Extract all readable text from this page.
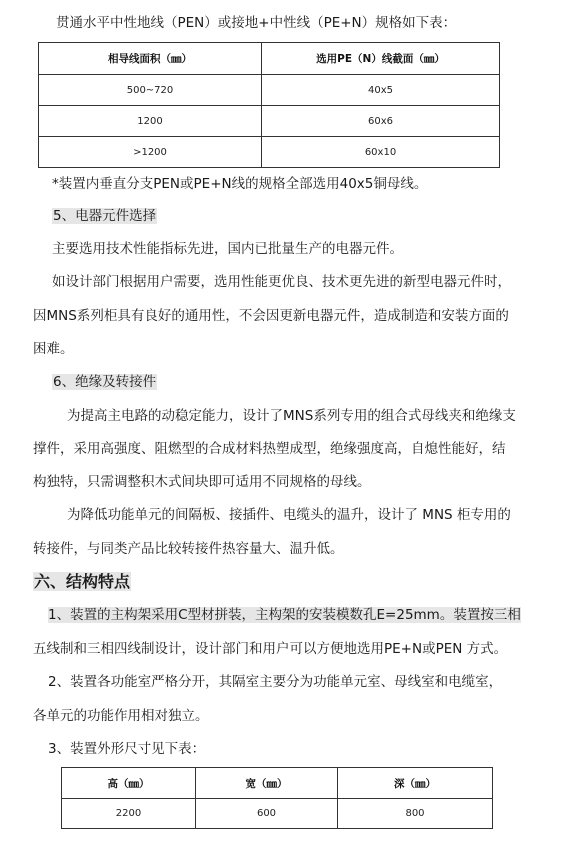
贯通水平中性地线（PEN）或接地+中性线（PE+N）规格如下表：
相导线面积（㎜）	选用PE（N）线截面（㎜）
500~720	40x5
1200	60x6
>1200	60x10
*装置内垂直分支PEN或PE+N线的规格全部选用40x5铜母线。
5、电器元件选择
主要选用技术性能指标先进，国内已批量生产的电器元件。
如设计部门根据用户需要，选用性能更优良、技术更先进的新型电器元件时，
因MNS系列柜具有良好的通用性，不会因更新电器元件，造成制造和安装方面的
困难。
6、绝缘及转接件
为提高主电路的动稳定能力，设计了MNS系列专用的组合式母线夹和绝缘支
撑件，采用高强度、阻燃型的合成材料热塑成型，绝缘强度高，自熄性能好，结
构独特，只需调整积木式间块即可适用不同规格的母线。
为降低功能单元的间隔板、接插件、电缆头的温升，设计了 MNS 柜专用的
转接件，与同类产品比较转接件热容量大、温升低。
六、结构特点
1、装置的主构架采用C型材拼装，主构架的安装模数孔E=25mm。装置按三相
五线制和三相四线制设计，设计部门和用户可以方便地选用PE+N或PEN 方式。
2、装置各功能室严格分开，其隔室主要分为功能单元室、母线室和电缆室，
各单元的功能作用相对独立。
3、装置外形尺寸见下表：
高（㎜）	宽（㎜）	深（㎜）
2200	600	800
